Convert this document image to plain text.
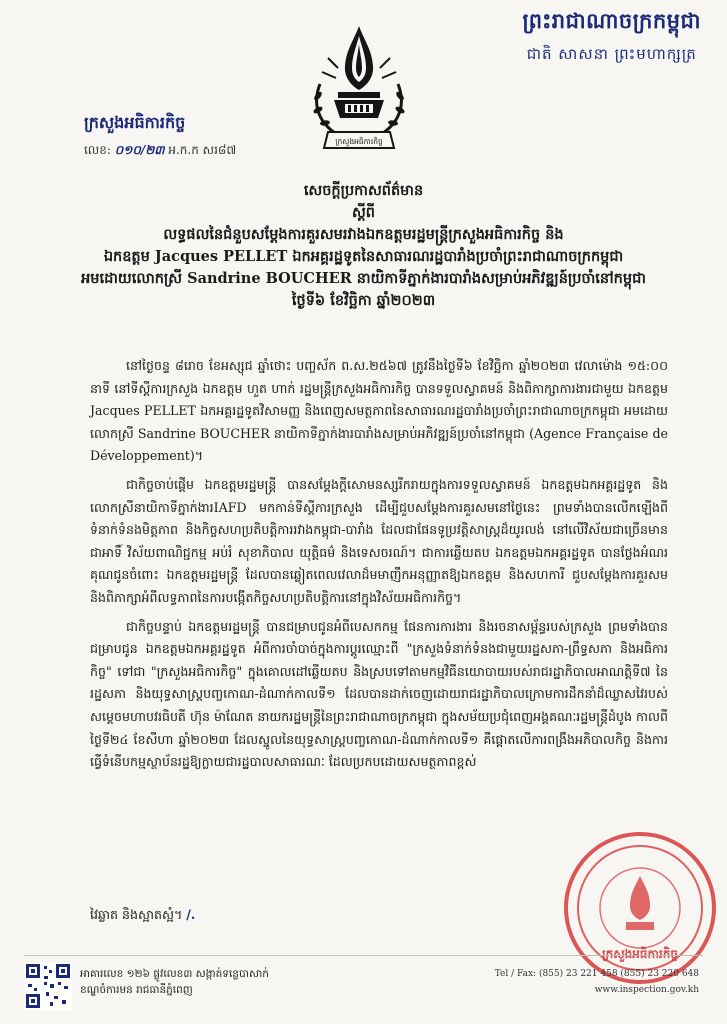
ព្រះរាជាណាចក្រកម្ពុជា
ជាតិ សាសនា ព្រះមហាក្សត្រ
ក្រសួងអធិការកិច្ច
ក្រសួងអធិការកិច្ច
លេខ: ០១០/២៣ អ.ក.ក សរ៨៧
សេចក្តីប្រកាសព័ត៌មាន
ស្តីពី
លទ្ធផលនៃជំនួបសម្ដែងការគួរសមរវាងឯកឧត្តមរដ្ឋមន្ត្រីក្រសួងអធិការកិច្ច និង
ឯកឧត្តម Jacques PELLET ឯកអគ្គរដ្ឋទូតនៃសាធារណរដ្ឋបារាំងប្រចាំព្រះរាជាណាចក្រកម្ពុជា
អមដោយលោកស្រី Sandrine BOUCHER នាយិកាទីភ្នាក់ងារបារាំងសម្រាប់អភិវឌ្ឍន៍ប្រចាំនៅកម្ពុជា
ថ្ងៃទី៦ ខែវិច្ឆិកា ឆ្នាំ២០២៣

នៅថ្ងៃចន្ទ ៨រោច ខែអស្សុជ ឆ្នាំថោះ បញ្ចស័ក ព.ស.២៥៦៧ ត្រូវនឹងថ្ងៃទី៦ ខែវិច្ឆិកា ឆ្នាំ២០២៣ វេលាម៉ោង ១៥:០០ នាទី នៅទីស្តីការក្រសួង ឯកឧត្តម ហួត ហាក់ រដ្ឋមន្ត្រីក្រសួងអធិការកិច្ច បានទទួលស្វាគមន៍ និងពិភាក្សាការងារជាមួយ ឯកឧត្តម Jacques PELLET ឯកអគ្គរដ្ឋទូតវិសាមញ្ញ និងពេញសមត្ថភាពនៃសាធារណរដ្ឋបារាំងប្រចាំព្រះរាជាណាចក្រកម្ពុជា អមដោយ លោកស្រី Sandrine BOUCHER នាយិកាទីភ្នាក់ងារបារាំងសម្រាប់អភិវឌ្ឍន៍ប្រចាំនៅកម្ពុជា (Agence Française de Développement)។

ជាកិច្ចចាប់ផ្ដើម ឯកឧត្តមរដ្ឋមន្ត្រី បានសម្ដែងក្ដីសោមនស្សរីករាយក្នុងការទទួលស្វាគមន៍ ឯកឧត្តមឯកអគ្គរដ្ឋទូត និងលោកស្រីនាយិកាទីភ្នាក់ងារIAFD មកកាន់ទីស្តីការក្រសួង ដើម្បីជួបសម្ដែងការគួរសមនៅថ្ងៃនេះ ព្រមទាំងបានលើកឡើងពីទំនាក់ទំនងមិត្តភាព និងកិច្ចសហប្រតិបត្តិការរវាងកម្ពុជា-បារាំង ដែលជាផែនទូប្រវត្តិសាស្ត្រដ៏យូរលង់ នៅលើវិស័យជាច្រើនមានជាអាទិ៍ វិស័យពាណិជ្ជកម្ម អប់រំ សុខាភិបាល យុត្តិធម៌ និងទេសចរណ៍។ ជាការឆ្លើយតប ឯកឧត្តមឯកអគ្គរដ្ឋទូត បានថ្លែងអំណរគុណជូនចំពោះ ឯកឧត្តមរដ្ឋមន្ត្រី ដែលបានឆ្លៀតពេលវេលាដ៏មមាញឹកអនុញ្ញាតឱ្យឯកឧត្តម និងសហការី ជួបសម្ដែងការគួរសម និងពិភាក្សាអំពីលទ្ធភាពនៃការបង្កើតកិច្ចសហប្រតិបត្តិការនៅក្នុងវិស័យអធិការកិច្ច។

ជាកិច្ចបន្ទាប់ ឯកឧត្តមរដ្ឋមន្ត្រី បានជម្រាបជូនអំពីបេសកកម្ម ផែនការការងារ និងរចនាសម្ព័ន្ធរបស់ក្រសួង ព្រមទាំងបានជម្រាបជូន ឯកឧត្តមឯកអគ្គរដ្ឋទូត អំពីការចាំបាច់ក្នុងការប្ដូរឈ្មោះពី "ក្រសួងទំនាក់ទំនងជាមួយរដ្ឋសភា-ព្រឹទ្ធសភា និងអធិការកិច្ច" ទៅជា "ក្រសួងអធិការកិច្ច" ក្នុងគោលដៅឆ្លើយតប និងស្របទៅតាមកម្មវិធីនយោបាយរបស់រាជរដ្ឋាភិបាលអាណត្តិទី៧ នៃរដ្ឋសភា និងយុទ្ធសាស្ត្របញ្ចកោណ-ដំណាក់កាលទី១ ដែលបានដាក់ចេញដោយរាជរដ្ឋាភិបាលក្រោមការដឹកនាំដ៏ឈ្លាសវៃរបស់ សម្ដេចមហាបវរធិបតី ហ៊ុន ម៉ាណែត នាយករដ្ឋមន្ត្រីនៃព្រះរាជាណាចក្រកម្ពុជា ក្នុងសម័យប្រជុំពេញអង្គគណៈរដ្ឋមន្ត្រីដំបូង កាលពីថ្ងៃទី២៤ ខែសីហា ឆ្នាំ២០២៣ ដែលស្នូលនៃយុទ្ធសាស្ត្របញ្ចកោណ-ដំណាក់កាលទី១ គឺផ្ដោតលើការពង្រឹងអភិបាលកិច្ច និងការធ្វើទំនើបកម្មស្ថាប័នរដ្ឋឱ្យក្លាយជារដ្ឋបាលសាធារណៈ ដែលប្រកបដោយសមត្ថភាពខ្ពស់

វៃឆ្លាត និងស្អាតស្អំ។ /.
ក្រសួងអធិការកិច្ច
អាគារលេខ ១២៦ ផ្លូវលេខ៣ សង្កាត់ទន្លេបាសាក់
ខណ្ឌចំការមន រាជធានីភ្នំពេញ
Tel / Fax: (855) 23 221 458 (855) 23 220 648
www.inspection.gov.kh
